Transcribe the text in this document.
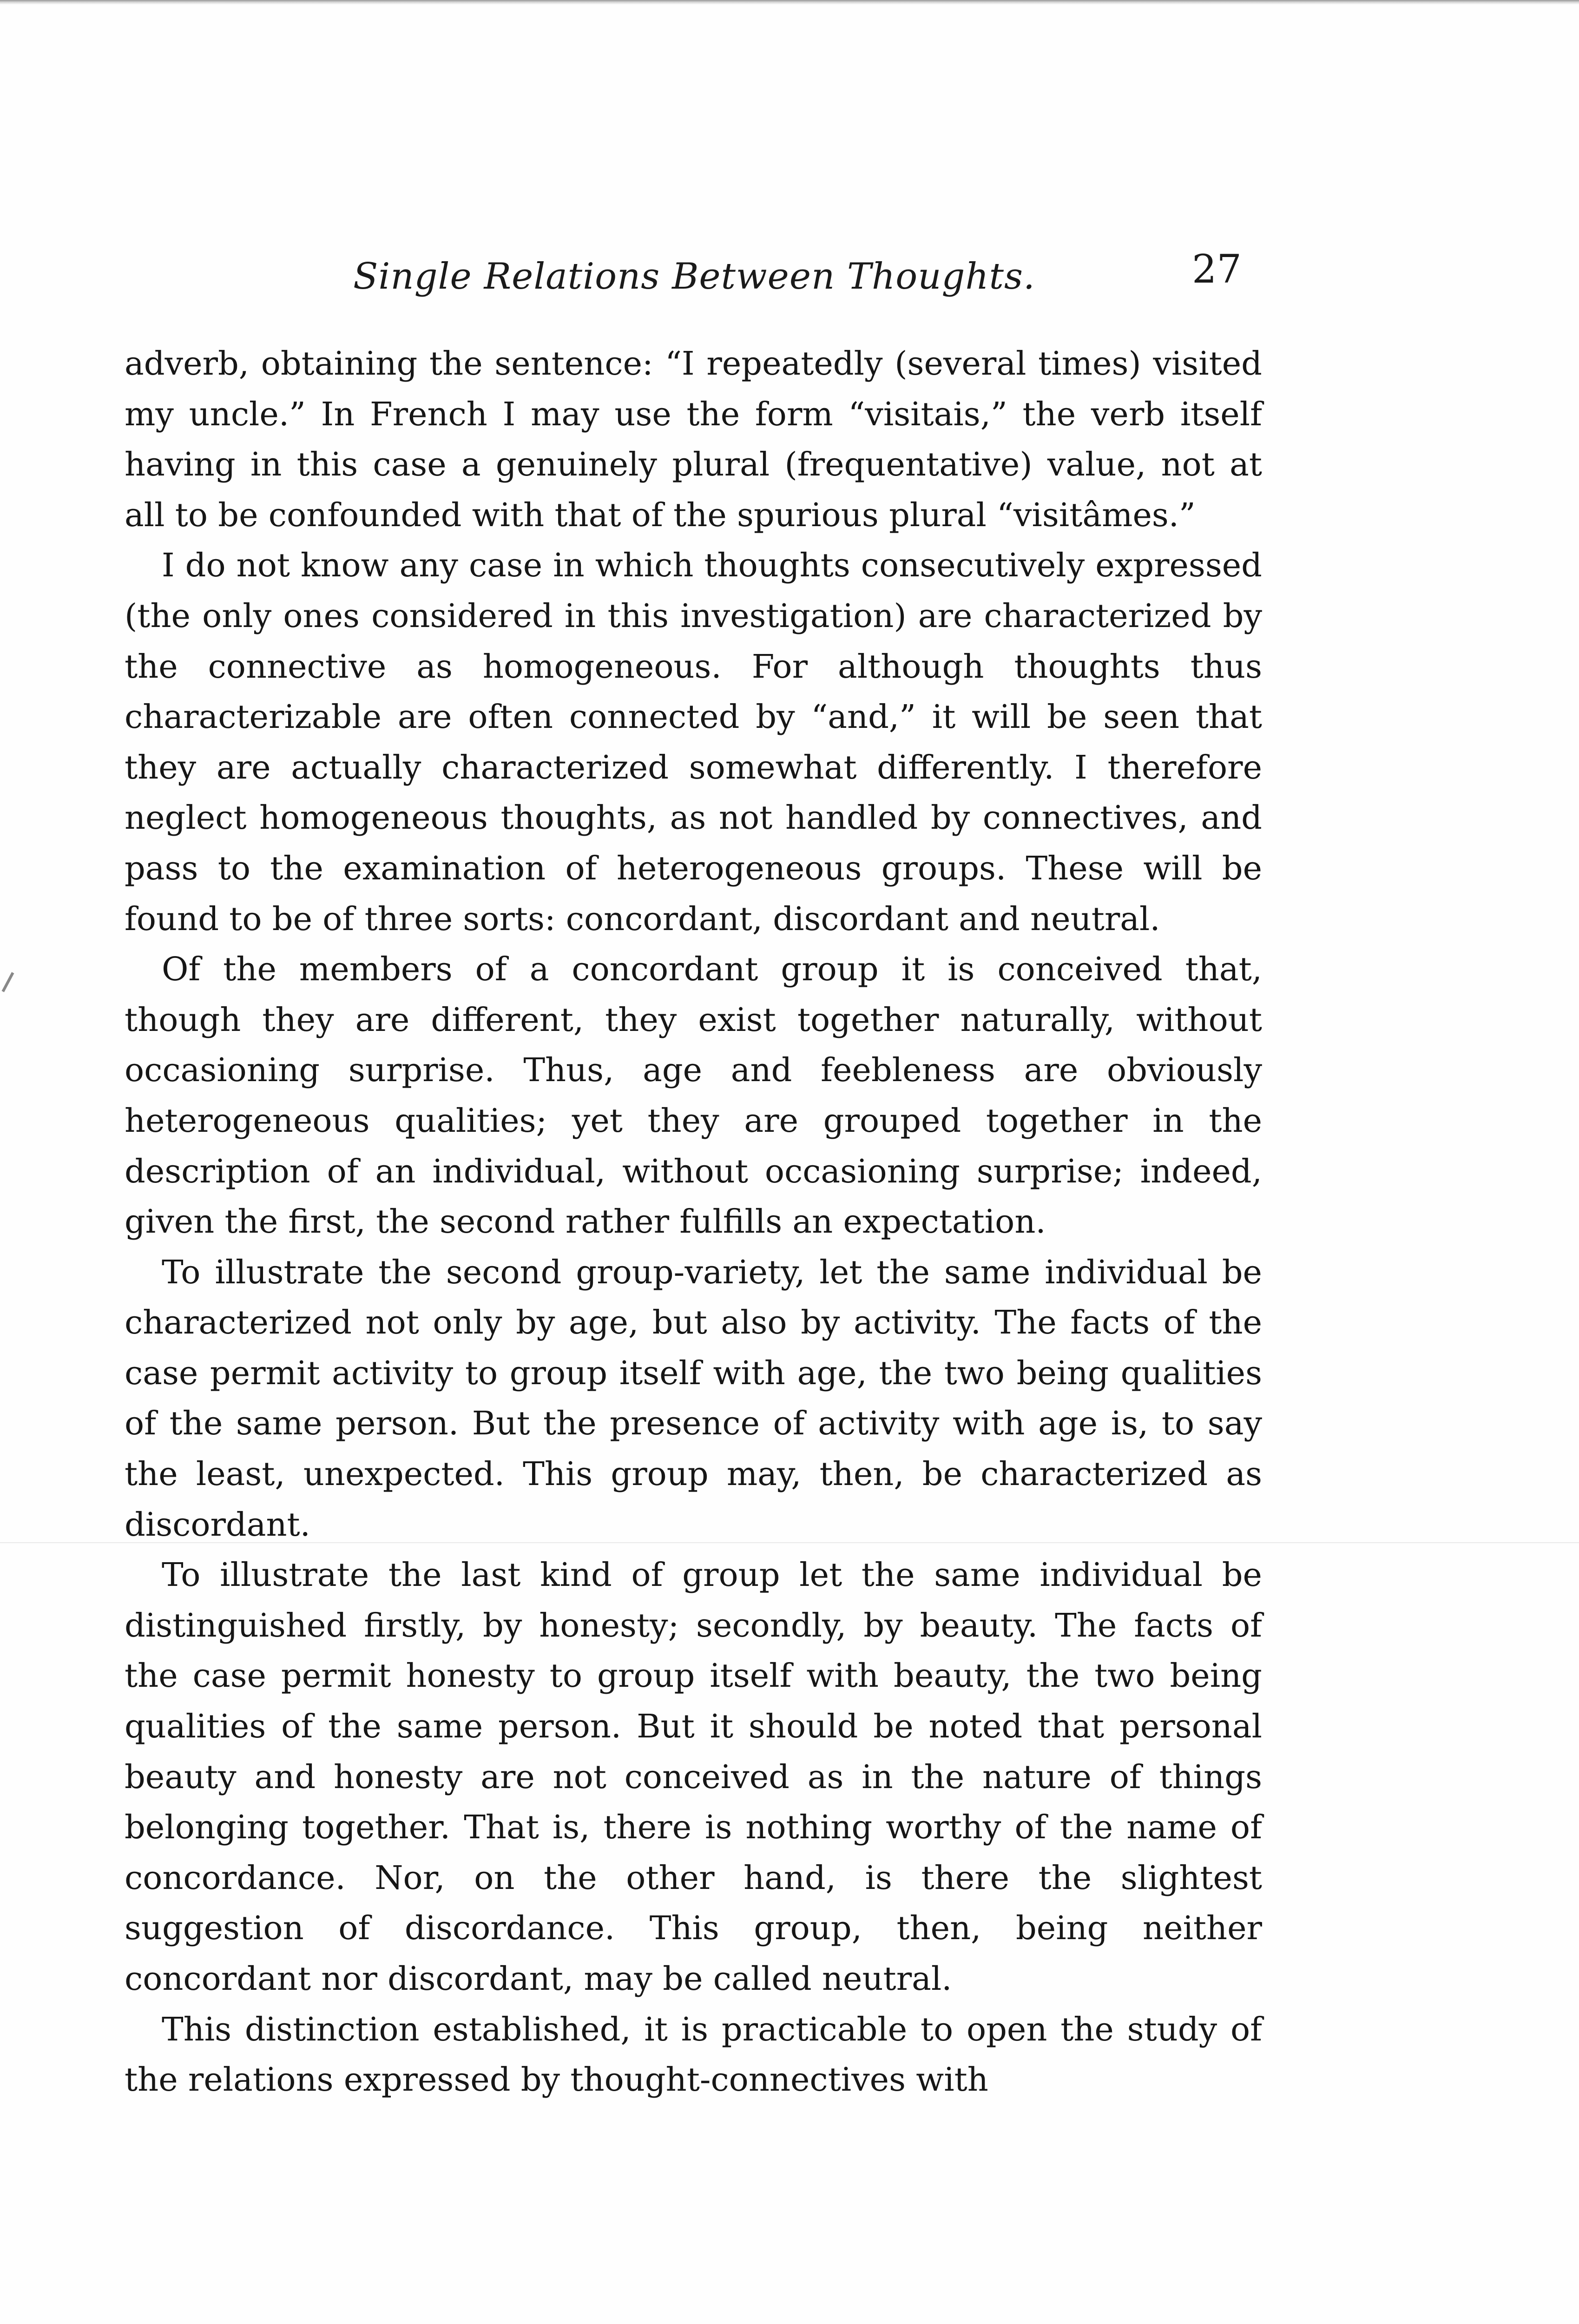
Single Relations Between Thoughts.	27

adverb, obtaining the sentence: “I repeatedly (several times) visited my uncle.” In French I may use the form “visitais,” the verb itself having in this case a genuinely plural (frequentative) value, not at all to be confounded with that of the spurious plural “visitâmes.”

I do not know any case in which thoughts consecutively expressed (the only ones considered in this investigation) are characterized by the connective as homogeneous. For although thoughts thus characterizable are often connected by “and,” it will be seen that they are actually characterized somewhat differently. I therefore neglect homogeneous thoughts, as not handled by connectives, and pass to the examination of heterogeneous groups. These will be found to be of three sorts: concordant, discordant and neutral.

Of the members of a concordant group it is conceived that, though they are different, they exist together naturally, without occasioning surprise. Thus, age and feebleness are obviously heterogeneous qualities; yet they are grouped together in the description of an individual, without occasioning surprise; indeed, given the first, the second rather fulfills an expectation.

To illustrate the second group-variety, let the same individual be characterized not only by age, but also by activity. The facts of the case permit activity to group itself with age, the two being qualities of the same person. But the presence of activity with age is, to say the least, unexpected. This group may, then, be characterized as discordant.

To illustrate the last kind of group let the same individual be distinguished firstly, by honesty; secondly, by beauty. The facts of the case permit honesty to group itself with beauty, the two being qualities of the same person. But it should be noted that personal beauty and honesty are not conceived as in the nature of things belonging together. That is, there is nothing worthy of the name of concordance. Nor, on the other hand, is there the slightest suggestion of discordance. This group, then, being neither concordant nor discordant, may be called neutral.

This distinction established, it is practicable to open the study of the relations expressed by thought-connectives with
